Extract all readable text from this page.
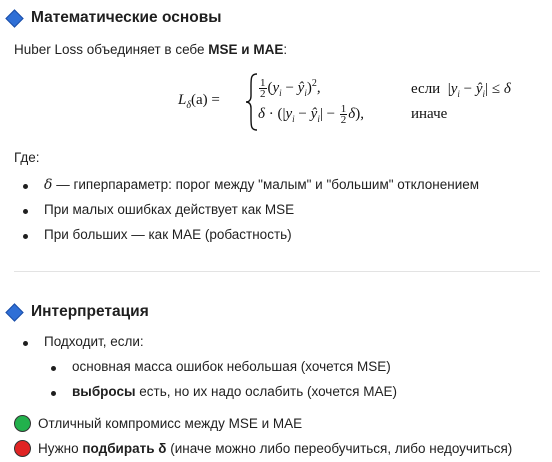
Математические основы
Huber Loss объединяет в себе MSE и MAE:
$L_\delta(a)$ =
$\frac{1}{2} (y_i$ − $ŷ_i)^2$,	если  $|y_i$ − $ŷ_i| \le \delta$
$\delta \cdot (|y_i$ − $ŷ_i| - \frac{1}{2} \delta$),	иначе
Где:
δ — гиперпараметр: порог между "малым" и "большим" отклонением
При малых ошибках действует как MSE
При больших — как MAE (робастность)
Интерпретация
Подходит, если:
основная масса ошибок небольшая (хочется MSE)
выбросы есть, но их надо ослабить (хочется MAE)
Отличный компромисс между MSE и MAE
Нужно подбирать δ (иначе можно либо переобучиться, либо недоучиться)
